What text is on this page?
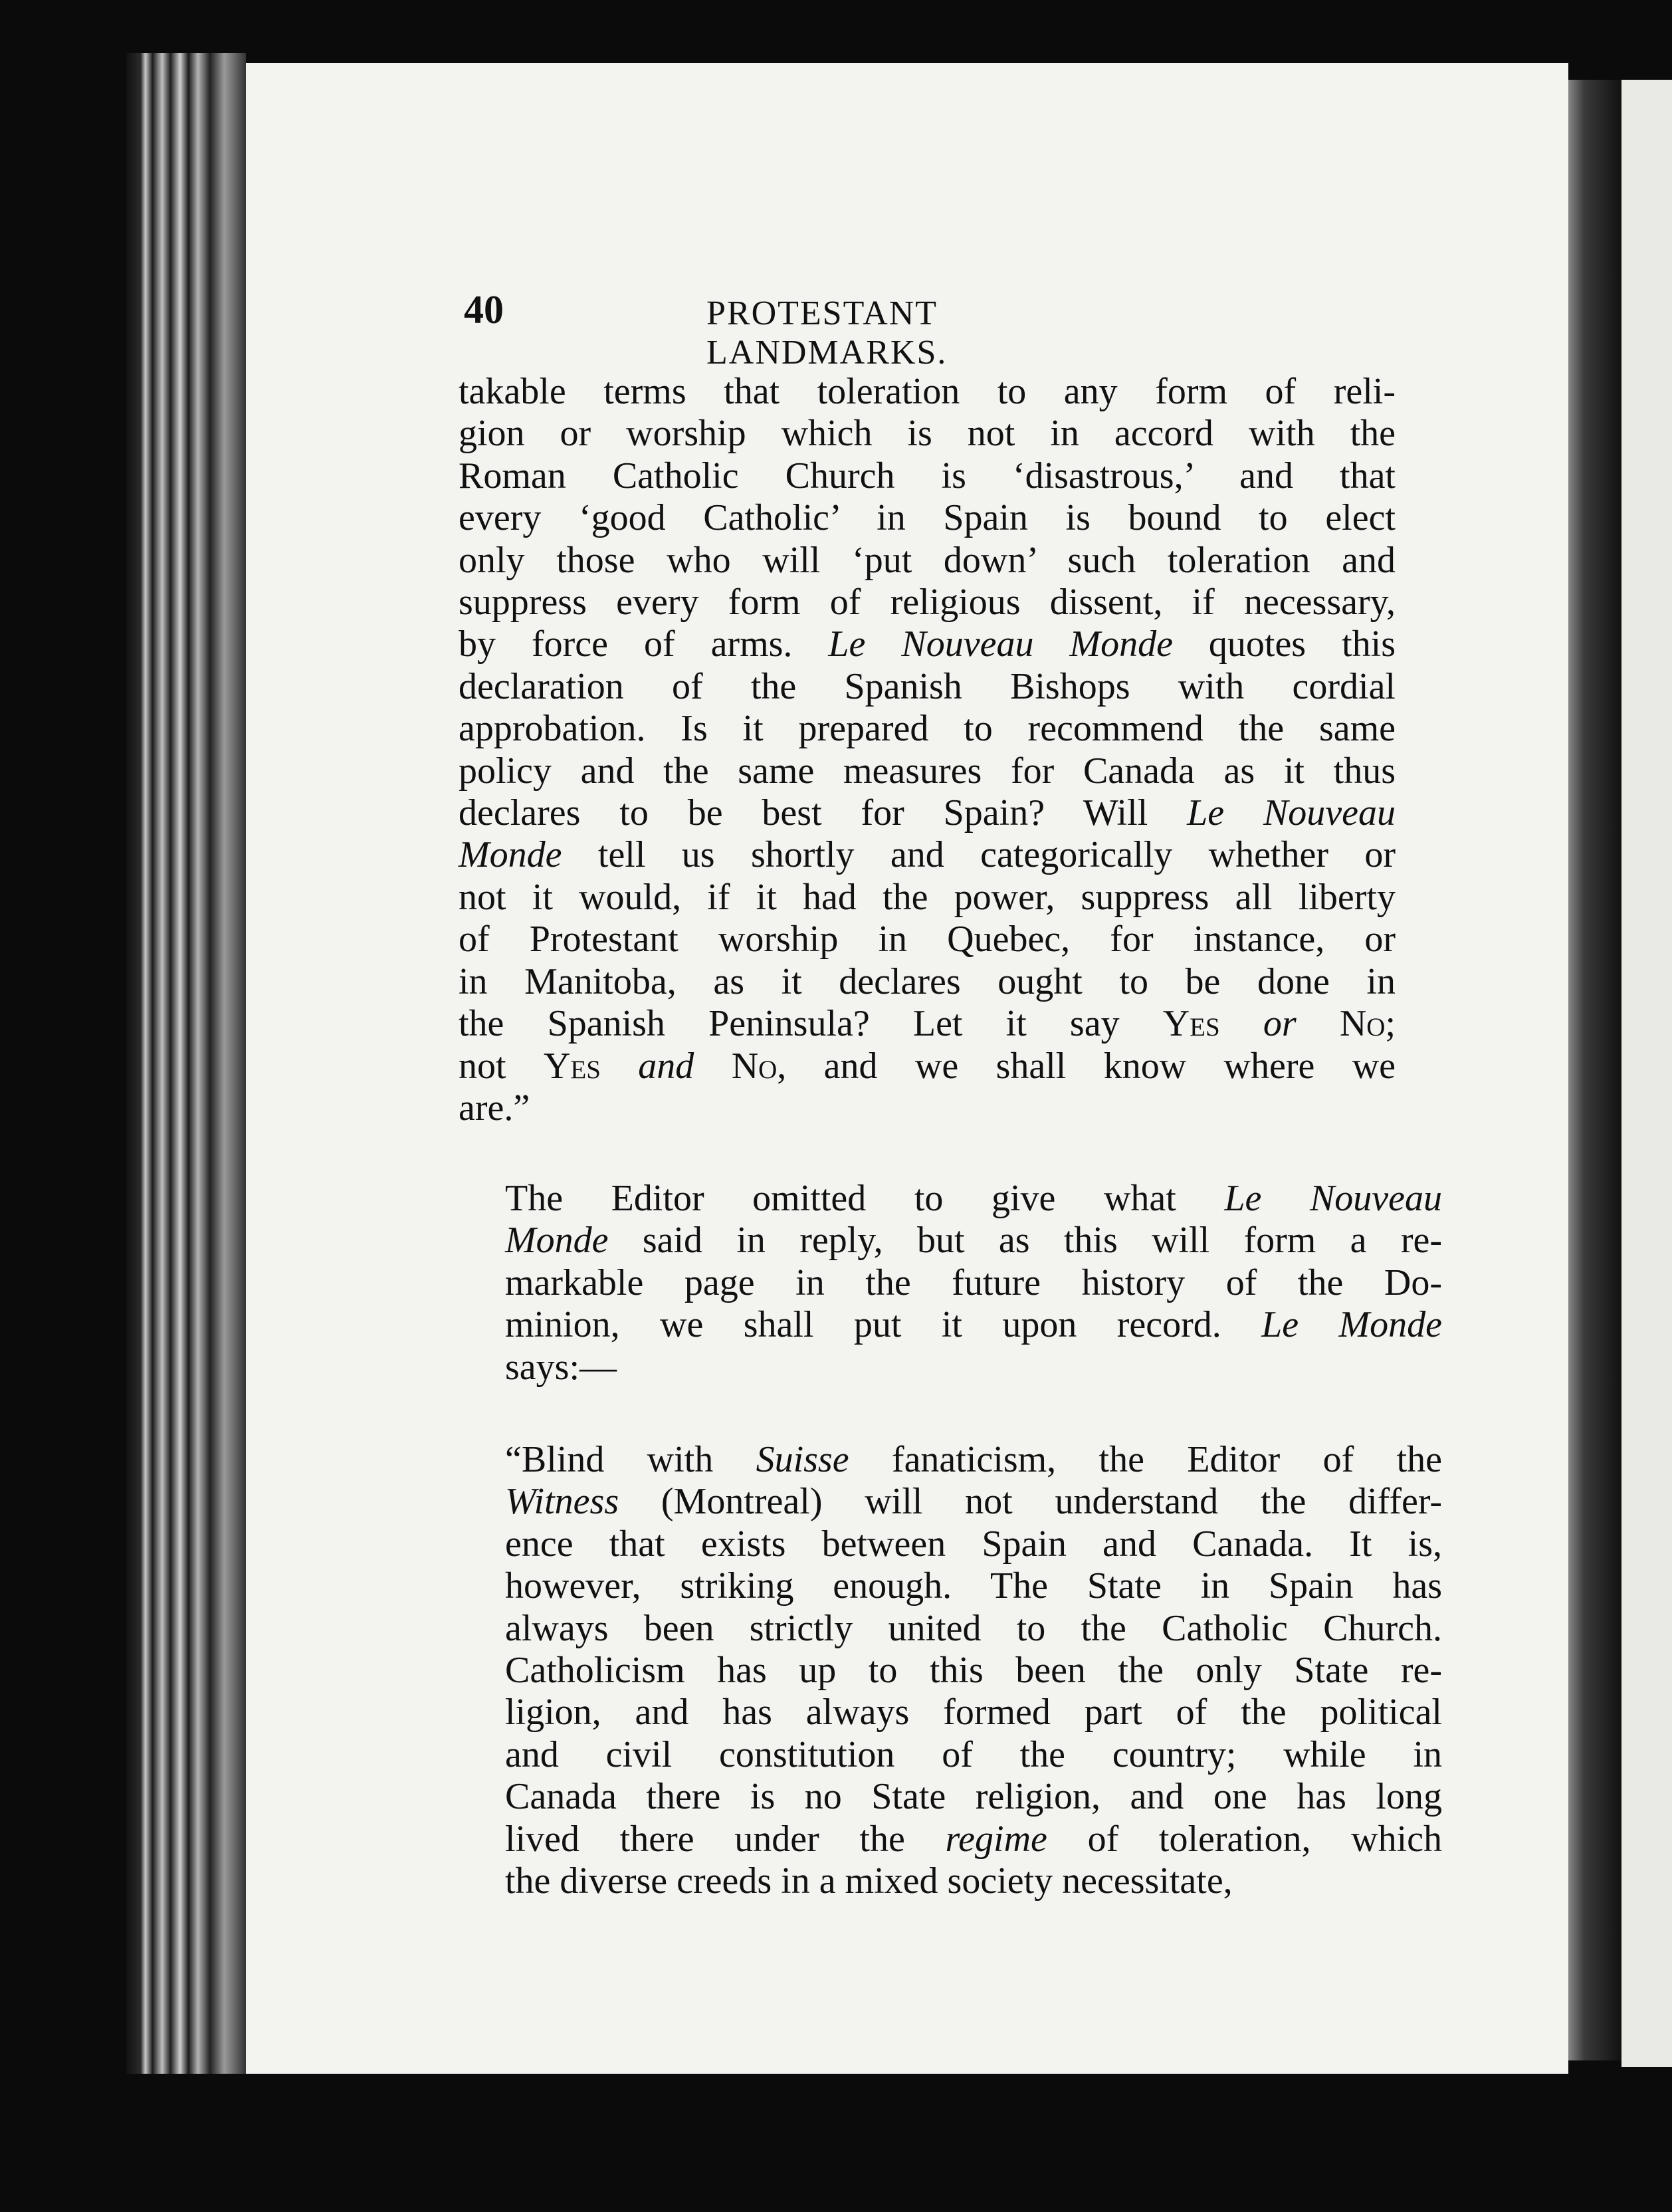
40	PROTESTANT LANDMARKS.
takable terms that toleration to any form of reli-
gion or worship which is not in accord with the
Roman Catholic Church is ‘disastrous,’ and that
every ‘good Catholic’ in Spain is bound to elect
only those who will ‘put down’ such toleration and
suppress every form of religious dissent, if necessary,
by force of arms. Le Nouveau Monde quotes this
declaration of the Spanish Bishops with cordial
approbation. Is it prepared to recommend the same
policy and the same measures for Canada as it thus
declares to be best for Spain? Will Le Nouveau
Monde tell us shortly and categorically whether or
not it would, if it had the power, suppress all liberty
of Protestant worship in Quebec, for instance, or
in Manitoba, as it declares ought to be done in
the Spanish Peninsula? Let it say Yes or No;
not Yes and No, and we shall know where we
are.”
The Editor omitted to give what Le Nouveau
Monde said in reply, but as this will form a re-
markable page in the future history of the Do-
minion, we shall put it upon record. Le Monde
says:—
“Blind with Suisse fanaticism, the Editor of the
Witness (Montreal) will not understand the differ-
ence that exists between Spain and Canada. It is,
however, striking enough. The State in Spain has
always been strictly united to the Catholic Church.
Catholicism has up to this been the only State re-
ligion, and has always formed part of the political
and civil constitution of the country; while in
Canada there is no State religion, and one has long
lived there under the regime of toleration, which
the diverse creeds in a mixed society necessitate,
